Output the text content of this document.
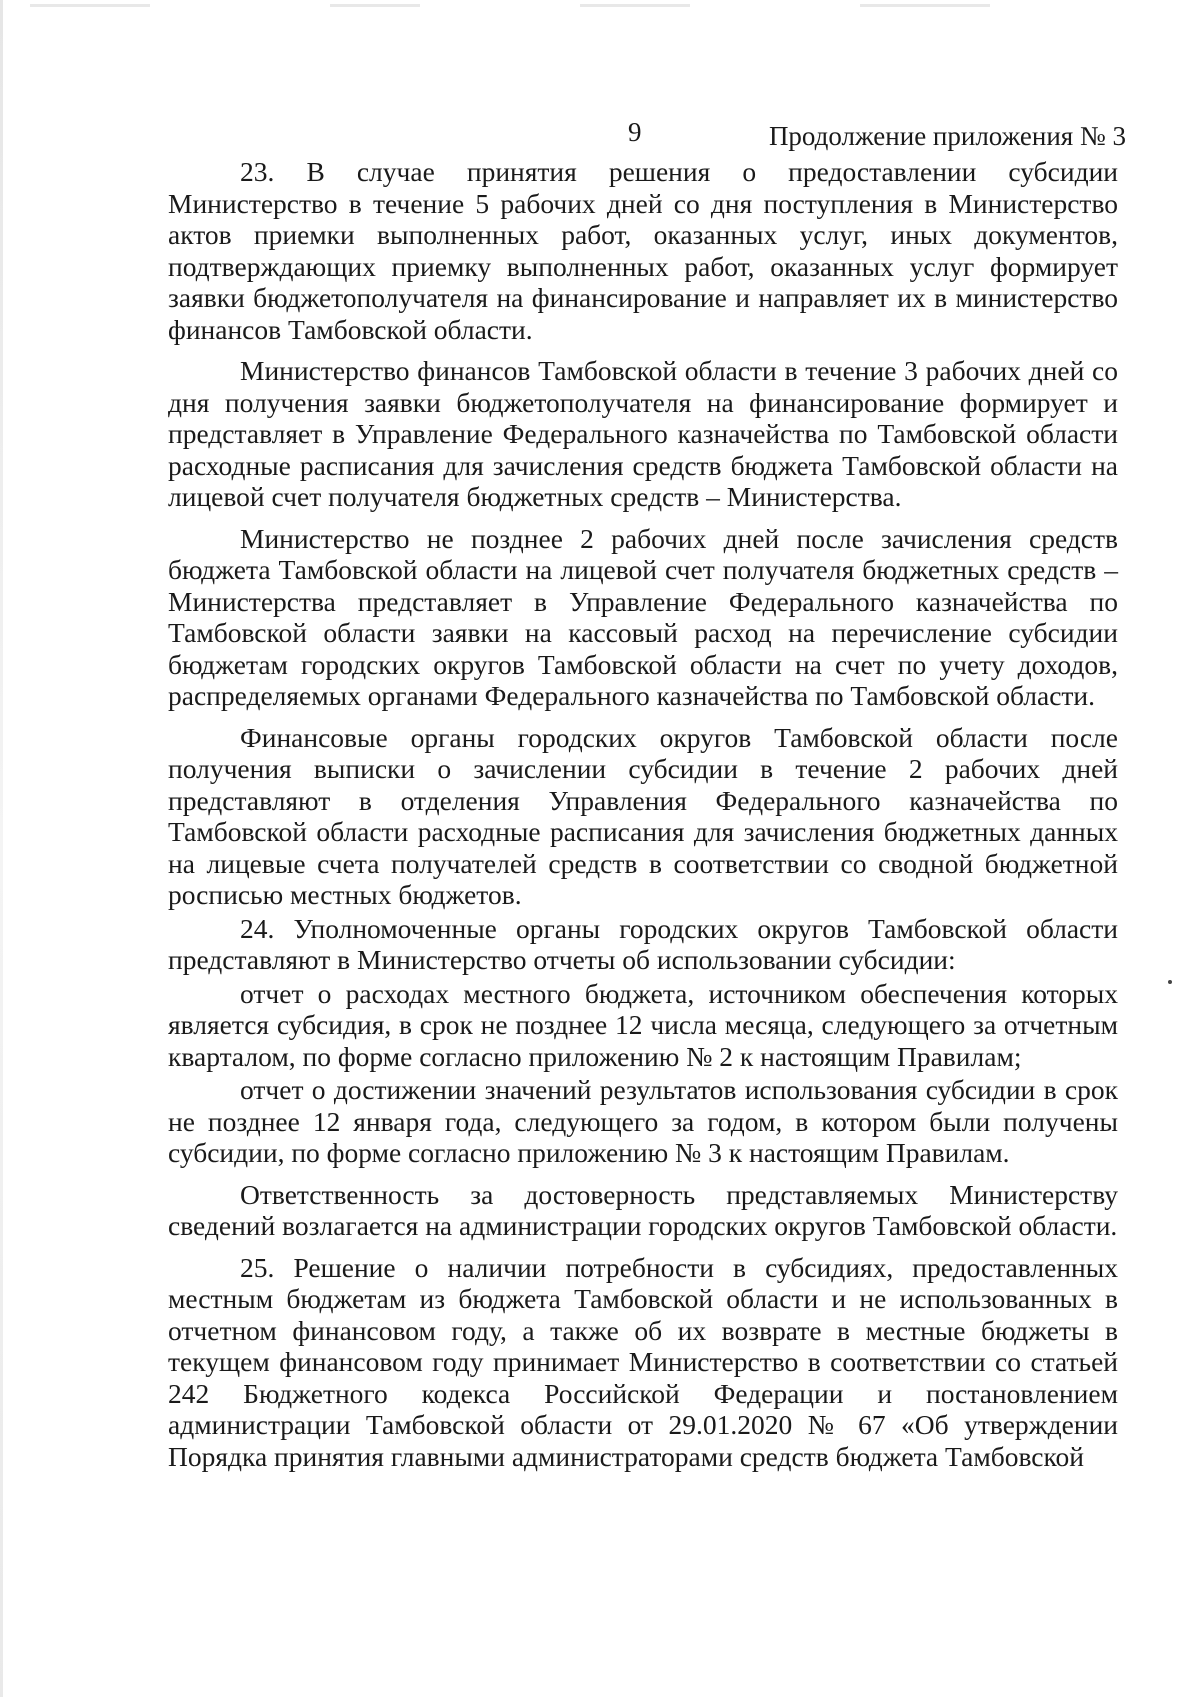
9	Продолжение приложения № 3

23. В случае принятия решения о предоставлении субсидии Министерство в течение 5 рабочих дней со дня поступления в Министерство актов приемки выполненных работ, оказанных услуг, иных документов, подтверждающих приемку выполненных работ, оказанных услуг формирует заявки бюджетополучателя на финансирование и направляет их в министерство финансов Тамбовской области.

Министерство финансов Тамбовской области в течение 3 рабочих дней со дня получения заявки бюджетополучателя на финансирование формирует и представляет в Управление Федерального казначейства по Тамбовской области расходные расписания для зачисления средств бюджета Тамбовской области на лицевой счет получателя бюджетных средств – Министерства.

Министерство не позднее 2 рабочих дней после зачисления средств бюджета Тамбовской области на лицевой счет получателя бюджетных средств – Министерства представляет в Управление Федерального казначейства по Тамбовской области заявки на кассовый расход на перечисление субсидии бюджетам городских округов Тамбовской области на счет по учету доходов, распределяемых органами Федерального казначейства по Тамбовской области.

Финансовые органы городских округов Тамбовской области после получения выписки о зачислении субсидии в течение 2 рабочих дней представляют в отделения Управления Федерального казначейства по Тамбовской области расходные расписания для зачисления бюджетных данных на лицевые счета получателей средств в соответствии со сводной бюджетной росписью местных бюджетов.

24. Уполномоченные органы городских округов Тамбовской области представляют в Министерство отчеты об использовании субсидии:

отчет о расходах местного бюджета, источником обеспечения которых является субсидия, в срок не позднее 12 числа месяца, следующего за отчетным кварталом, по форме согласно приложению № 2 к настоящим Правилам;

отчет о достижении значений результатов использования субсидии в срок не позднее 12 января года, следующего за годом, в котором были получены субсидии, по форме согласно приложению № 3 к настоящим Правилам.

Ответственность за достоверность представляемых Министерству сведений возлагается на администрации городских округов Тамбовской области.

25. Решение о наличии потребности в субсидиях, предоставленных местным бюджетам из бюджета Тамбовской области и не использованных в отчетном финансовом году, а также об их возврате в местные бюджеты в текущем финансовом году принимает Министерство в соответствии со статьей 242 Бюджетного кодекса Российской Федерации и постановлением администрации Тамбовской области от 29.01.2020 № 67 «Об утверждении Порядка принятия главными администраторами средств бюджета Тамбовской
